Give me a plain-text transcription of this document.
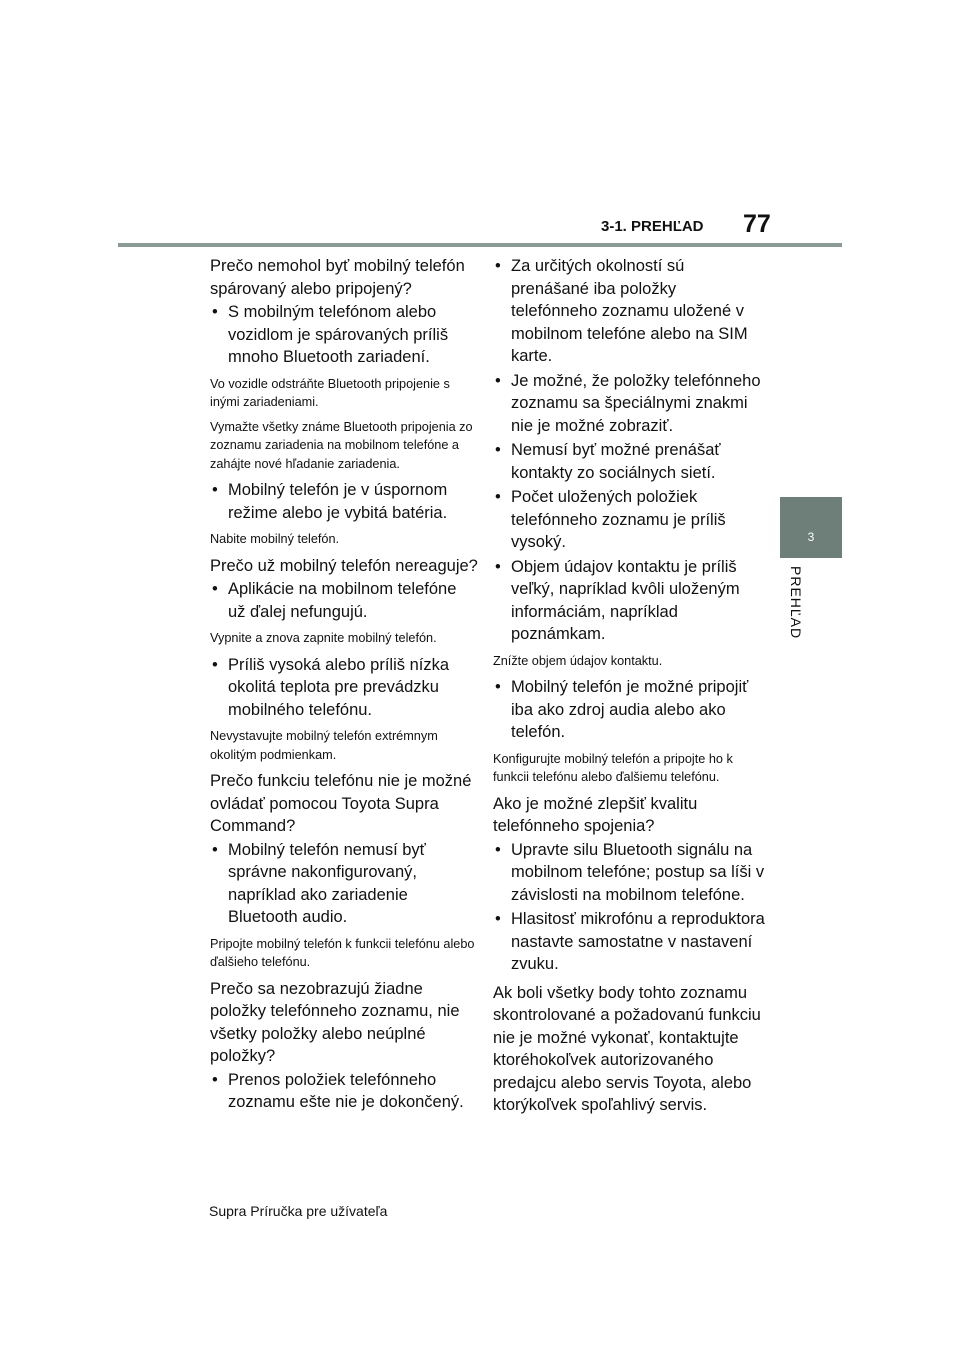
3-1. PREHĽAD 77
3
PREHĽAD

Prečo nemohol byť mobilný telefón spárovaný alebo pripojený?

• S mobilným telefónom alebo vozidlom je spárovaných príliš mnoho Bluetooth zariadení.

Vo vozidle odstráňte Bluetooth pripojenie s inými zariadeniami.

Vymažte všetky známe Bluetooth pripojenia zo zoznamu zariadenia na mobilnom telefóne a zahájte nové hľadanie zariadenia.

• Mobilný telefón je v úspornom režime alebo je vybitá batéria.

Nabite mobilný telefón.

Prečo už mobilný telefón nereaguje?

• Aplikácie na mobilnom telefóne už ďalej nefungujú.

Vypnite a znova zapnite mobilný telefón.

• Príliš vysoká alebo príliš nízka okolitá teplota pre prevádzku mobilného telefónu.

Nevystavujte mobilný telefón extrémnym okolitým podmienkam.

Prečo funkciu telefónu nie je možné ovládať pomocou Toyota Supra Command?

• Mobilný telefón nemusí byť správne nakonfigurovaný, napríklad ako zariadenie Bluetooth audio.

Pripojte mobilný telefón k funkcii telefónu alebo ďalšieho telefónu.

Prečo sa nezobrazujú žiadne položky telefónneho zoznamu, nie všetky položky alebo neúplné položky?

• Prenos položiek telefónneho zoznamu ešte nie je dokončený.
• Za určitých okolností sú prenášané iba položky telefónneho zoznamu uložené v mobilnom telefóne alebo na SIM karte.
• Je možné, že položky telefónneho zoznamu sa špeciálnymi znakmi nie je možné zobraziť.
• Nemusí byť možné prenášať kontakty zo sociálnych sietí.
• Počet uložených položiek telefónneho zoznamu je príliš vysoký.
• Objem údajov kontaktu je príliš veľký, napríklad kvôli uloženým informáciám, napríklad poznámkam.

Znížte objem údajov kontaktu.

• Mobilný telefón je možné pripojiť iba ako zdroj audia alebo ako telefón.

Konfigurujte mobilný telefón a pripojte ho k funkcii telefónu alebo ďalšiemu telefónu.

Ako je možné zlepšiť kvalitu telefónneho spojenia?

• Upravte silu Bluetooth signálu na mobilnom telefóne; postup sa líši v závislosti na mobilnom telefóne.
• Hlasitosť mikrofónu a reproduktora nastavte samostatne v nastavení zvuku.

Ak boli všetky body tohto zoznamu skontrolované a požadovanú funkciu nie je možné vykonať, kontaktujte ktoréhokoľvek autorizovaného predajcu alebo servis Toyota, alebo ktorýkoľvek spoľahlivý servis.

Supra Príručka pre užívateľa
